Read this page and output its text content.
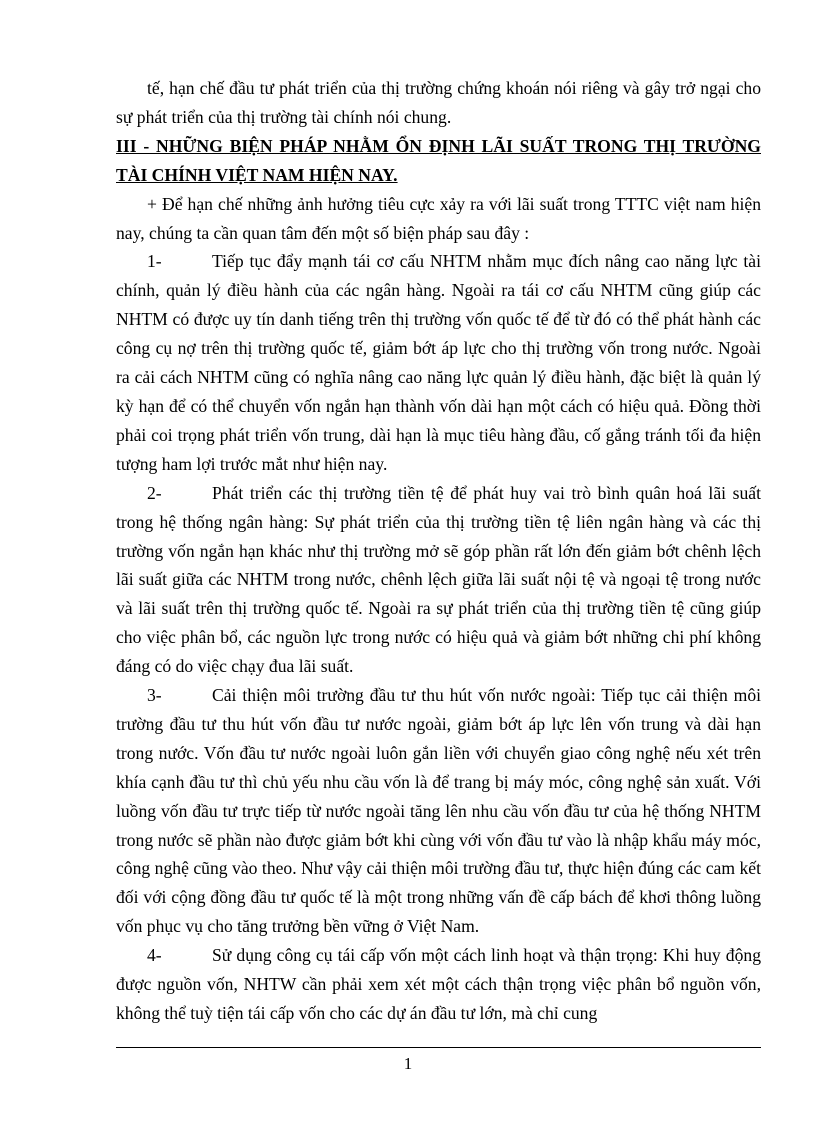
tế, hạn chế đầu tư phát triển của thị trường chứng khoán nói riêng và gây trở ngại cho sự phát triển của thị trường tài chính nói chung.

III - NHỮNG BIỆN PHÁP NHẰM ỔN ĐỊNH LÃI SUẤT TRONG THỊ TRƯỜNG TÀI CHÍNH VIỆT NAM HIỆN NAY.

+ Để hạn chế những ảnh hưởng tiêu cực xảy ra với lãi suất trong TTTC việt nam hiện nay, chúng ta cần quan tâm đến một số biện pháp sau đây :

1-	Tiếp tục đẩy mạnh tái cơ cấu NHTM nhằm mục đích nâng cao năng lực tài chính, quản lý điều hành của các ngân hàng. Ngoài ra tái cơ cấu NHTM cũng giúp các NHTM có được uy tín danh tiếng trên thị trường vốn quốc tế để từ đó có thể phát hành các công cụ nợ trên thị trường quốc tế, giảm bớt áp lực cho thị trường vốn trong nước. Ngoài ra cải cách NHTM cũng có nghĩa nâng cao năng lực quản lý điều hành, đặc biệt là quản lý kỳ hạn để có thể chuyển vốn ngắn hạn thành vốn dài hạn một cách có hiệu quả. Đồng thời phải coi trọng phát triển vốn trung, dài hạn là mục tiêu hàng đầu, cố gắng tránh tối đa hiện tượng ham lợi trước mắt như hiện nay.

2-	Phát triển các thị trường tiền tệ để phát huy vai trò bình quân hoá lãi suất trong hệ thống ngân hàng: Sự phát triển của thị trường tiền tệ liên ngân hàng và các thị trường vốn ngắn hạn khác như thị trường mở sẽ góp phần rất lớn đến giảm bớt chênh lệch lãi suất giữa các NHTM trong nước, chênh lệch giữa lãi suất nội tệ và ngoại tệ trong nước và lãi suất trên thị trường quốc tế. Ngoài ra sự phát triển của thị trường tiền tệ cũng giúp cho việc phân bổ, các nguồn lực trong nước có hiệu quả và giảm bớt những chi phí không đáng có do việc chạy đua lãi suất.

3-	Cải thiện môi trường đầu tư thu hút vốn nước ngoài: Tiếp tục cải thiện môi trường đầu tư thu hút vốn đầu tư nước ngoài, giảm bớt áp lực lên vốn trung và dài hạn trong nước. Vốn đầu tư nước ngoài luôn gắn liền với chuyển giao công nghệ nếu xét trên khía cạnh đầu tư thì chủ yếu nhu cầu vốn là để trang bị máy móc, công nghệ sản xuất. Với luồng vốn đầu tư trực tiếp từ nước ngoài tăng lên nhu cầu vốn đầu tư của hệ thống NHTM trong nước sẽ phần nào được giảm bớt khi cùng với vốn đầu tư vào là nhập khẩu máy móc, công nghệ cũng vào theo. Như vậy cải thiện môi trường đầu tư, thực hiện đúng các cam kết đối với cộng đồng đầu tư quốc tế là một trong những vấn đề cấp bách để khơi thông luồng vốn phục vụ cho tăng trưởng bền vững ở Việt Nam.

4-	Sử dụng công cụ tái cấp vốn một cách linh hoạt và thận trọng: Khi huy động được nguồn vốn, NHTW cần phải xem xét một cách thận trọng việc phân bổ nguồn vốn, không thể tuỳ tiện tái cấp vốn cho các dự án đầu tư lớn, mà chỉ cung

1
